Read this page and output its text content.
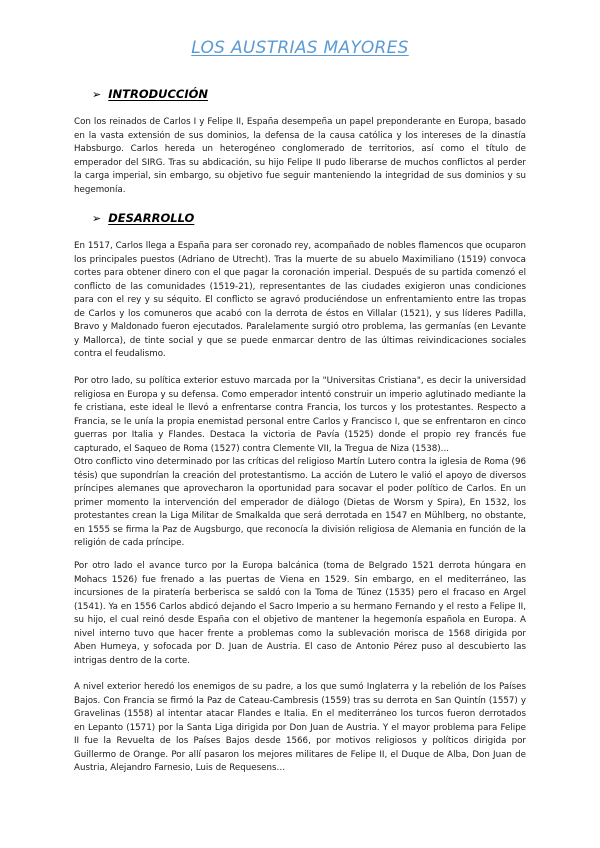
LOS AUSTRIAS MAYORES
➢ INTRODUCCIÓN

Con los reinados de Carlos I y Felipe II, España desempeña un papel preponderante en Europa, basado en la vasta extensión de sus dominios, la defensa de la causa católica y los intereses de la dinastía Habsburgo. Carlos hereda un heterogéneo conglomerado de territorios, así como el título de emperador del SIRG. Tras su abdicación, su hijo Felipe II pudo liberarse de muchos conflictos al perder la carga imperial, sin embargo, su objetivo fue seguir manteniendo la integridad de sus dominios y su hegemonía.

➢ DESARROLLO

En 1517, Carlos llega a España para ser coronado rey, acompañado de nobles flamencos que ocuparon los principales puestos (Adriano de Utrecht). Tras la muerte de su abuelo Maximiliano (1519) convoca cortes para obtener dinero con el que pagar la coronación imperial. Después de su partida comenzó el conflicto de las comunidades (1519-21), representantes de las ciudades exigieron unas condiciones para con el rey y su séquito. El conflicto se agravó produciéndose un enfrentamiento entre las tropas de Carlos y los comuneros que acabó con la derrota de éstos en Villalar (1521), y sus líderes Padilla, Bravo y Maldonado fueron ejecutados. Paralelamente surgió otro problema, las germanías (en Levante y Mallorca), de tinte social y que se puede enmarcar dentro de las últimas reivindicaciones sociales contra el feudalismo.

Por otro lado, su política exterior estuvo marcada por la "Universitas Cristiana", es decir la universidad religiosa en Europa y su defensa. Como emperador intentó construir un imperio aglutinado mediante la fe cristiana, este ideal le llevó a enfrentarse contra Francia, los turcos y los protestantes. Respecto a Francia, se le unía la propia enemistad personal entre Carlos y Francisco I, que se enfrentaron en cinco guerras por Italia y Flandes. Destaca la victoria de Pavía (1525) donde el propio rey francés fue capturado, el Saqueo de Roma (1527) contra Clemente VII, la Tregua de Niza (1538)...

Otro conflicto vino determinado por las críticas del religioso Martín Lutero contra la iglesia de Roma (96 tésis) que supondrían la creación del protestantismo. La acción de Lutero le valió el apoyo de diversos príncipes alemanes que aprovecharon la oportunidad para socavar el poder político de Carlos. En un primer momento la intervención del emperador de diálogo (Dietas de Worsm y Spira), En 1532, los protestantes crean la Liga Militar de Smalkalda que será derrotada en 1547 en Mühlberg, no obstante, en 1555 se firma la Paz de Augsburgo, que reconocía la división religiosa de Alemania en función de la religión de cada príncipe.

Por otro lado el avance turco por la Europa balcánica (toma de Belgrado 1521 derrota húngara en Mohacs 1526) fue frenado a las puertas de Viena en 1529. Sin embargo, en el mediterráneo, las incursiones de la piratería berberisca se saldó con la Toma de Túnez (1535) pero el fracaso en Argel (1541). Ya en 1556 Carlos abdicó dejando el Sacro Imperio a su hermano Fernando y el resto a Felipe II, su hijo, el cual reinó desde España con el objetivo de mantener la hegemonía española en Europa. A nivel interno tuvo que hacer frente a problemas como la sublevación morisca de 1568 dirigida por Aben Humeya, y sofocada por D. Juan de Austria. El caso de Antonio Pérez puso al descubierto las intrigas dentro de la corte.

A nivel exterior heredó los enemigos de su padre, a los que sumó Inglaterra y la rebelión de los Países Bajos. Con Francia se firmó la Paz de Cateau-Cambresis (1559) tras su derrota en San Quintín (1557) y Gravelinas (1558) al intentar atacar Flandes e Italia. En el mediterráneo los turcos fueron derrotados en Lepanto (1571) por la Santa Liga dirigida por Don Juan de Austria. Y el mayor problema para Felipe II fue la Revuelta de los Países Bajos desde 1566, por motivos religiosos y políticos dirigida por Guillermo de Orange. Por allí pasaron los mejores militares de Felipe II, el Duque de Alba, Don Juan de Austria, Alejandro Farnesio, Luis de Requesens…
